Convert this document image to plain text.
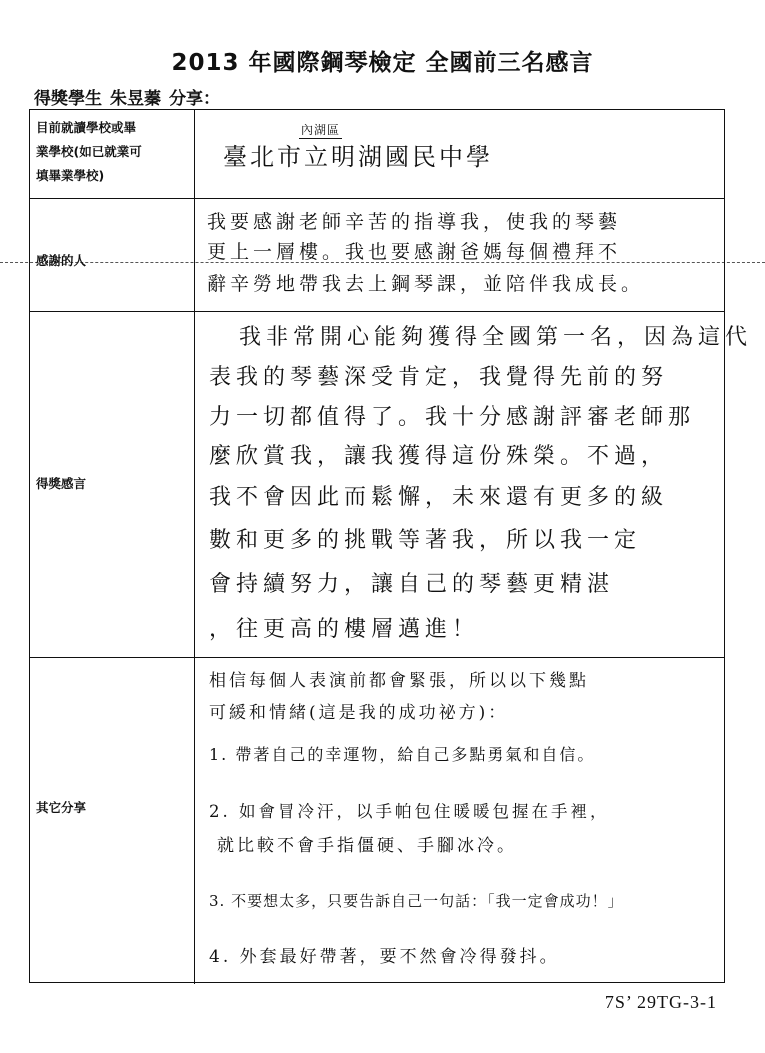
2013 年國際鋼琴檢定 全國前三名感言
得獎學生 朱昱蓁 分享：
目前就讀學校或畢
業學校(如已就業可
填畢業學校)
內湖區
臺北市立明湖國民中學
感謝的人
我要感謝老師辛苦的指導我，使我的琴藝
更上一層樓。我也要感謝爸媽每個禮拜不
辭辛勞地帶我去上鋼琴課，並陪伴我成長。
得獎感言
我非常開心能夠獲得全國第一名，因為這代
表我的琴藝深受肯定，我覺得先前的努
力一切都值得了。我十分感謝評審老師那
麼欣賞我，讓我獲得這份殊榮。不過，
我不會因此而鬆懈，未來還有更多的級
數和更多的挑戰等著我，所以我一定
會持續努力，讓自己的琴藝更精湛
，往更高的樓層邁進！
其它分享
相信每個人表演前都會緊張，所以以下幾點
可緩和情緒(這是我的成功祕方)：
1. 帶著自己的幸運物，給自己多點勇氣和自信。
2. 如會冒冷汗，以手帕包住暖暖包握在手裡，
就比較不會手指僵硬、手腳冰冷。
3. 不要想太多，只要告訴自己一句話：「我一定會成功！」
4. 外套最好帶著，要不然會冷得發抖。
7S’ 29TG-3-1
